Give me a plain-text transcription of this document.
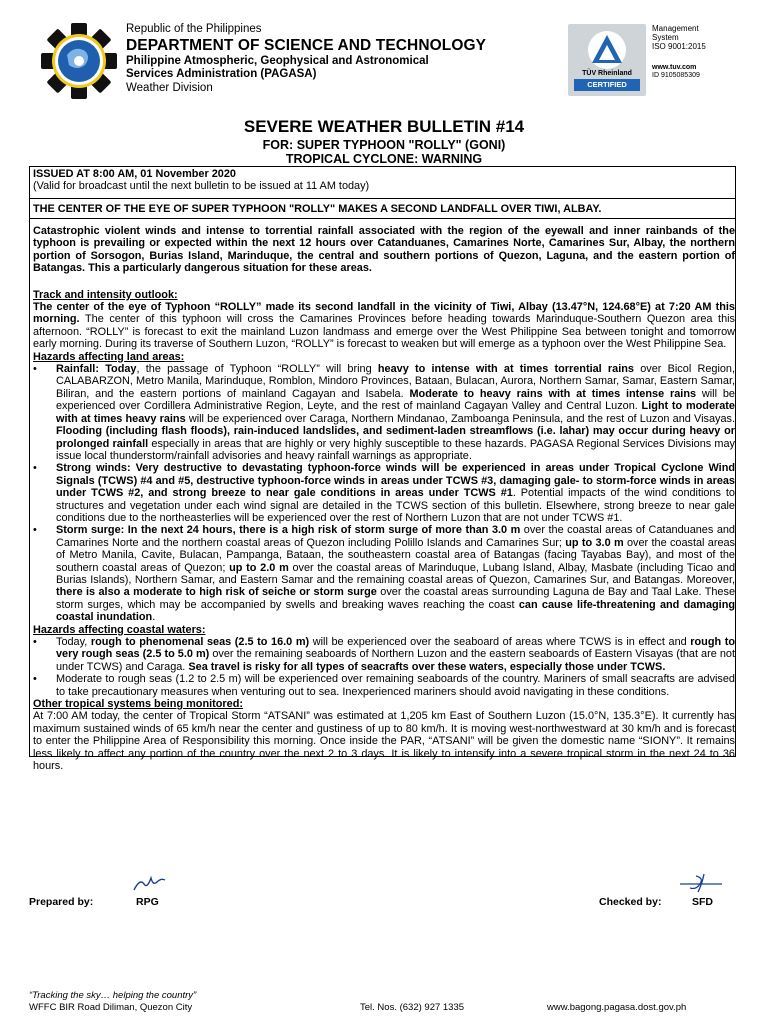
Republic of the Philippines
DEPARTMENT OF SCIENCE AND TECHNOLOGY
Philippine Atmospheric, Geophysical and Astronomical
Services Administration (PAGASA)
Weather Division
TÜV Rheinland
CERTIFIED
Management
System
ISO 9001:2015
www.tuv.com
ID 9105085309
SEVERE WEATHER BULLETIN #14
FOR: SUPER TYPHOON "ROLLY" (GONI)
TROPICAL CYCLONE: WARNING
ISSUED AT 8:00 AM, 01 November 2020
(Valid for broadcast until the next bulletin to be issued at 11 AM today)
THE CENTER OF THE EYE OF SUPER TYPHOON "ROLLY" MAKES A SECOND LANDFALL OVER TIWI, ALBAY.
Catastrophic violent winds and intense to torrential rainfall associated with the region of the eyewall and inner rainbands of the typhoon is prevailing or expected within the next 12 hours over Catanduanes, Camarines Norte, Camarines Sur, Albay, the northern portion of Sorsogon, Burias Island, Marinduque, the central and southern portions of Quezon, Laguna, and the eastern portion of Batangas. This a particularly dangerous situation for these areas.
Track and intensity outlook:
The center of the eye of Typhoon “ROLLY” made its second landfall in the vicinity of Tiwi, Albay (13.47°N, 124.68°E) at 7:20 AM this morning. The center of this typhoon will cross the Camarines Provinces before heading towards Marinduque-Southern Quezon area this afternoon. “ROLLY” is forecast to exit the mainland Luzon landmass and emerge over the West Philippine Sea between tonight and tomorrow early morning. During its traverse of Southern Luzon, “ROLLY” is forecast to weaken but will emerge as a typhoon over the West Philippine Sea.
Hazards affecting land areas:
• Rainfall: Today, the passage of Typhoon “ROLLY” will bring heavy to intense with at times torrential rains over Bicol Region, CALABARZON, Metro Manila, Marinduque, Romblon, Mindoro Provinces, Bataan, Bulacan, Aurora, Northern Samar, Samar, Eastern Samar, Biliran, and the eastern portions of mainland Cagayan and Isabela. Moderate to heavy rains with at times intense rains will be experienced over Cordillera Administrative Region, Leyte, and the rest of mainland Cagayan Valley and Central Luzon. Light to moderate with at times heavy rains will be experienced over Caraga, Northern Mindanao, Zamboanga Peninsula, and the rest of Luzon and Visayas. Flooding (including flash floods), rain-induced landslides, and sediment-laden streamflows (i.e. lahar) may occur during heavy or prolonged rainfall especially in areas that are highly or very highly susceptible to these hazards. PAGASA Regional Services Divisions may issue local thunderstorm/rainfall advisories and heavy rainfall warnings as appropriate.
• Strong winds: Very destructive to devastating typhoon-force winds will be experienced in areas under Tropical Cyclone Wind Signals (TCWS) #4 and #5, destructive typhoon-force winds in areas under TCWS #3, damaging gale- to storm-force winds in areas under TCWS #2, and strong breeze to near gale conditions in areas under TCWS #1. Potential impacts of the wind conditions to structures and vegetation under each wind signal are detailed in the TCWS section of this bulletin. Elsewhere, strong breeze to near gale conditions due to the northeasterlies will be experienced over the rest of Northern Luzon that are not under TCWS #1.
• Storm surge: In the next 24 hours, there is a high risk of storm surge of more than 3.0 m over the coastal areas of Catanduanes and Camarines Norte and the northern coastal areas of Quezon including Polillo Islands and Camarines Sur; up to 3.0 m over the coastal areas of Metro Manila, Cavite, Bulacan, Pampanga, Bataan, the southeastern coastal area of Batangas (facing Tayabas Bay), and most of the southern coastal areas of Quezon; up to 2.0 m over the coastal areas of Marinduque, Lubang Island, Albay, Masbate (including Ticao and Burias Islands), Northern Samar, and Eastern Samar and the remaining coastal areas of Quezon, Camarines Sur, and Batangas. Moreover, there is also a moderate to high risk of seiche or storm surge over the coastal areas surrounding Laguna de Bay and Taal Lake. These storm surges, which may be accompanied by swells and breaking waves reaching the coast can cause life-threatening and damaging coastal inundation.
Hazards affecting coastal waters:
• Today, rough to phenomenal seas (2.5 to 16.0 m) will be experienced over the seaboard of areas where TCWS is in effect and rough to very rough seas (2.5 to 5.0 m) over the remaining seaboards of Northern Luzon and the eastern seaboards of Eastern Visayas (that are not under TCWS) and Caraga. Sea travel is risky for all types of seacrafts over these waters, especially those under TCWS.
• Moderate to rough seas (1.2 to 2.5 m) will be experienced over remaining seaboards of the country. Mariners of small seacrafts are advised to take precautionary measures when venturing out to sea. Inexperienced mariners should avoid navigating in these conditions.
Other tropical systems being monitored:
At 7:00 AM today, the center of Tropical Storm “ATSANI” was estimated at 1,205 km East of Southern Luzon (15.0°N, 135.3°E). It currently has maximum sustained winds of 65 km/h near the center and gustiness of up to 80 km/h. It is moving west-northwestward at 30 km/h and is forecast to enter the Philippine Area of Responsibility this morning. Once inside the PAR, “ATSANI” will be given the domestic name “SIONY”. It remains less likely to affect any portion of the country over the next 2 to 3 days. It is likely to intensify into a severe tropical storm in the next 24 to 36 hours.
Prepared by:	RPG	Checked by:	SFD
“Tracking the sky… helping the country”
WFFC BIR Road Diliman, Quezon City	Tel. Nos. (632) 927 1335	www.bagong.pagasa.dost.gov.ph
